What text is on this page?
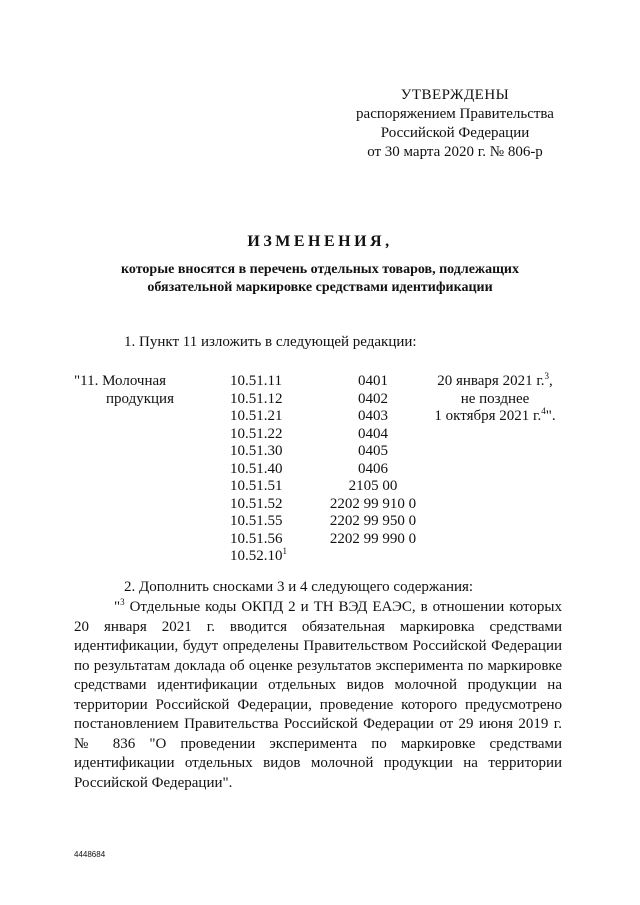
УТВЕРЖДЕНЫ
распоряжением Правительства
Российской Федерации
от 30 марта 2020 г. № 806-р
ИЗМЕНЕНИЯ,
которые вносятся в перечень отдельных товаров, подлежащих
обязательной маркировке средствами идентификации
1. Пункт 11 изложить в следующей редакции:
"11. Молочная
продукция
10.51.11
10.51.12
10.51.21
10.51.22
10.51.30
10.51.40
10.51.51
10.51.52
10.51.55
10.51.56
10.52.10$^1$
0401
0402
0403
0404
0405
0406
2105 00
2202 99 910 0
2202 99 950 0
2202 99 990 0
20 января 2021 г.$^3$,
не позднее
1 октября 2021 г.$^4$".
2. Дополнить сносками 3 и 4 следующего содержания:
"$^3$ Отдельные коды ОКПД 2 и ТН ВЭД ЕАЭС, в отношении которых 20 января 2021 г. вводится обязательная маркировка средствами идентификации, будут определены Правительством Российской Федерации по результатам доклада об оценке результатов эксперимента по маркировке средствами идентификации отдельных видов молочной продукции на территории Российской Федерации, проведение которого предусмотрено постановлением Правительства Российской Федерации от 29 июня 2019 г. № 836 "О проведении эксперимента по маркировке средствами идентификации отдельных видов молочной продукции на территории Российской Федерации".
4448684
